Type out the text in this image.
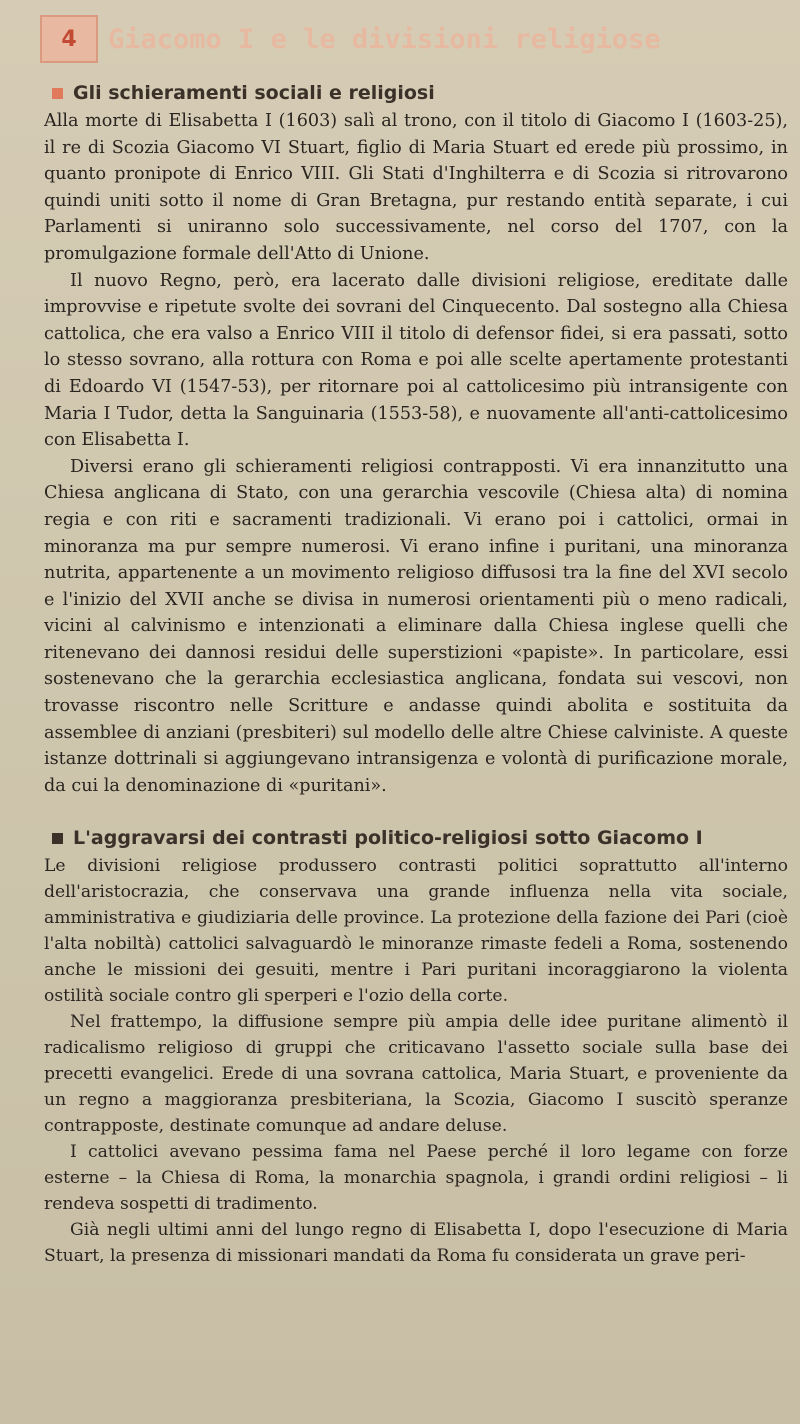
4	Giacomo I e le divisioni religiose
Gli schieramenti sociali e religiosi

Alla morte di Elisabetta I (1603) salì al trono, con il titolo di Giacomo I (1603-25), il re di Scozia Giacomo VI Stuart, figlio di Maria Stuart ed erede più prossimo, in quanto pronipote di Enrico VIII. Gli Stati d'Inghilterra e di Scozia si ritrovarono quindi uniti sotto il nome di Gran Bretagna, pur restando entità separate, i cui Parlamenti si uniranno solo successivamente, nel corso del 1707, con la promulgazione formale dell'Atto di Unione.

Il nuovo Regno, però, era lacerato dalle divisioni religiose, ereditate dalle improvvise e ripetute svolte dei sovrani del Cinquecento. Dal sostegno alla Chiesa cattolica, che era valso a Enrico VIII il titolo di defensor fidei, si era passati, sotto lo stesso sovrano, alla rottura con Roma e poi alle scelte apertamente protestanti di Edoardo VI (1547-53), per ritornare poi al cattolicesimo più intransigente con Maria I Tudor, detta la Sanguinaria (1553-58), e nuovamente all'anti-cattolicesimo con Elisabetta I.

Diversi erano gli schieramenti religiosi contrapposti. Vi era innanzitutto una Chiesa anglicana di Stato, con una gerarchia vescovile (Chiesa alta) di nomina regia e con riti e sacramenti tradizionali. Vi erano poi i cattolici, ormai in minoranza ma pur sempre numerosi. Vi erano infine i puritani, una minoranza nutrita, appartenente a un movimento religioso diffusosi tra la fine del XVI secolo e l'inizio del XVII anche se divisa in numerosi orientamenti più o meno radicali, vicini al calvinismo e intenzionati a eliminare dalla Chiesa inglese quelli che ritenevano dei dannosi residui delle superstizioni «papiste». In particolare, essi sostenevano che la gerarchia ecclesiastica anglicana, fondata sui vescovi, non trovasse riscontro nelle Scritture e andasse quindi abolita e sostituita da assemblee di anziani (presbiteri) sul modello delle altre Chiese calviniste. A queste istanze dottrinali si aggiungevano intransigenza e volontà di purificazione morale, da cui la denominazione di «puritani».

L'aggravarsi dei contrasti politico-religiosi sotto Giacomo I

Le divisioni religiose produssero contrasti politici soprattutto all'interno dell'aristocrazia, che conservava una grande influenza nella vita sociale, amministrativa e giudiziaria delle province. La protezione della fazione dei Pari (cioè l'alta nobiltà) cattolici salvaguardò le minoranze rimaste fedeli a Roma, sostenendo anche le missioni dei gesuiti, mentre i Pari puritani incoraggiarono la violenta ostilità sociale contro gli sperperi e l'ozio della corte.

Nel frattempo, la diffusione sempre più ampia delle idee puritane alimentò il radicalismo religioso di gruppi che criticavano l'assetto sociale sulla base dei precetti evangelici. Erede di una sovrana cattolica, Maria Stuart, e proveniente da un regno a maggioranza presbiteriana, la Scozia, Giacomo I suscitò speranze contrapposte, destinate comunque ad andare deluse.

I cattolici avevano pessima fama nel Paese perché il loro legame con forze esterne – la Chiesa di Roma, la monarchia spagnola, i grandi ordini religiosi – li rendeva sospetti di tradimento.

Già negli ultimi anni del lungo regno di Elisabetta I, dopo l'esecuzione di Maria Stuart, la presenza di missionari mandati da Roma fu considerata un grave peri-
